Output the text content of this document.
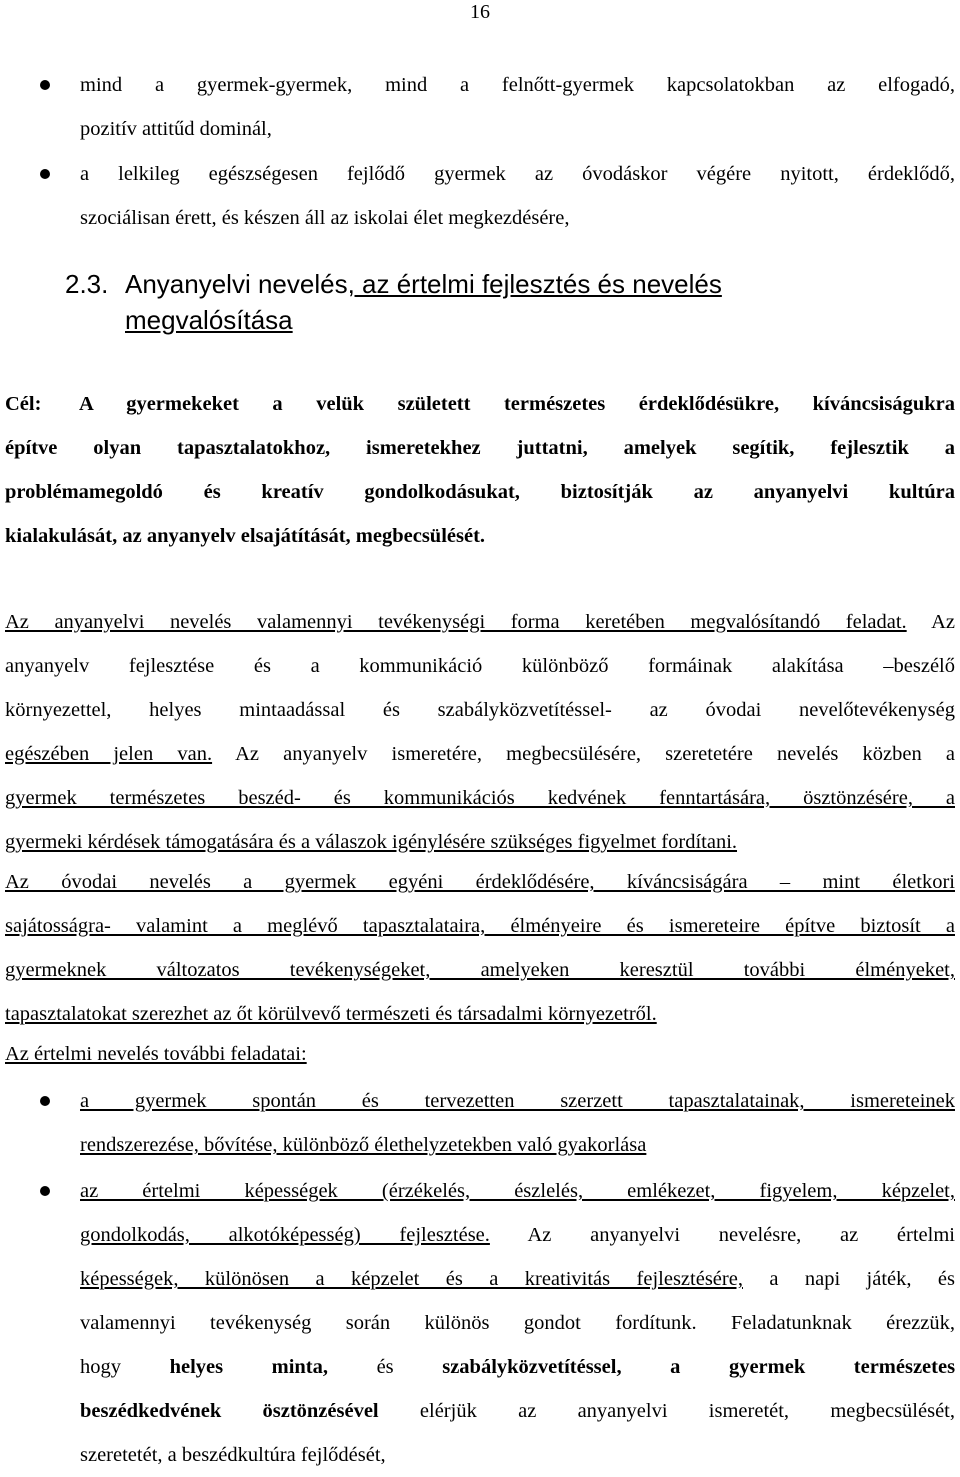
16
mind a gyermek-gyermek, mind a felnőtt-gyermek kapcsolatokban az elfogadó,
pozitív attitűd dominál,
a lelkileg egészségesen fejlődő gyermek az óvodáskor végére nyitott, érdeklődő,
szociálisan érett, és készen áll az iskolai élet megkezdésére,
2.3. Anyanyelvi nevelés, az értelmi fejlesztés és nevelés
megvalósítása
Cél: A gyermekeket a velük született természetes érdeklődésükre, kíváncsiságukra
építve olyan tapasztalatokhoz, ismeretekhez juttatni, amelyek segítik, fejlesztik a
problémamegoldó és kreatív gondolkodásukat, biztosítják az anyanyelvi kultúra
kialakulását, az anyanyelv elsajátítását, megbecsülését.
Az anyanyelvi nevelés valamennyi tevékenységi forma keretében megvalósítandó feladat. Az
anyanyelv fejlesztése és a kommunikáció különböző formáinak alakítása –beszélő
környezettel, helyes mintaadással és szabályközvetítéssel- az óvodai nevelőtevékenység
egészében jelen van. Az anyanyelv ismeretére, megbecsülésére, szeretetére nevelés közben a
gyermek természetes beszéd- és kommunikációs kedvének fenntartására, ösztönzésére, a
gyermeki kérdések támogatására és a válaszok igénylésére szükséges figyelmet fordítani.
Az óvodai nevelés a gyermek egyéni érdeklődésére, kíváncsiságára – mint életkori
sajátosságra- valamint a meglévő tapasztalataira, élményeire és ismereteire építve biztosít a
gyermeknek változatos tevékenységeket, amelyeken keresztül további élményeket,
tapasztalatokat szerezhet az őt körülvevő természeti és társadalmi környezetről.
Az értelmi nevelés további feladatai:
a gyermek spontán és tervezetten szerzett tapasztalatainak, ismereteinek
rendszerezése, bővítése, különböző élethelyzetekben való gyakorlása
az értelmi képességek (érzékelés, észlelés, emlékezet, figyelem, képzelet,
gondolkodás, alkotóképesség) fejlesztése. Az anyanyelvi nevelésre, az értelmi
képességek, különösen a képzelet és a kreativitás fejlesztésére, a napi játék, és
valamennyi tevékenység során különös gondot fordítunk. Feladatunknak érezzük,
hogy helyes minta, és szabályközvetítéssel, a gyermek természetes
beszédkedvének ösztönzésével elérjük az anyanyelvi ismeretét, megbecsülését,
szeretetét, a beszédkultúra fejlődését,
